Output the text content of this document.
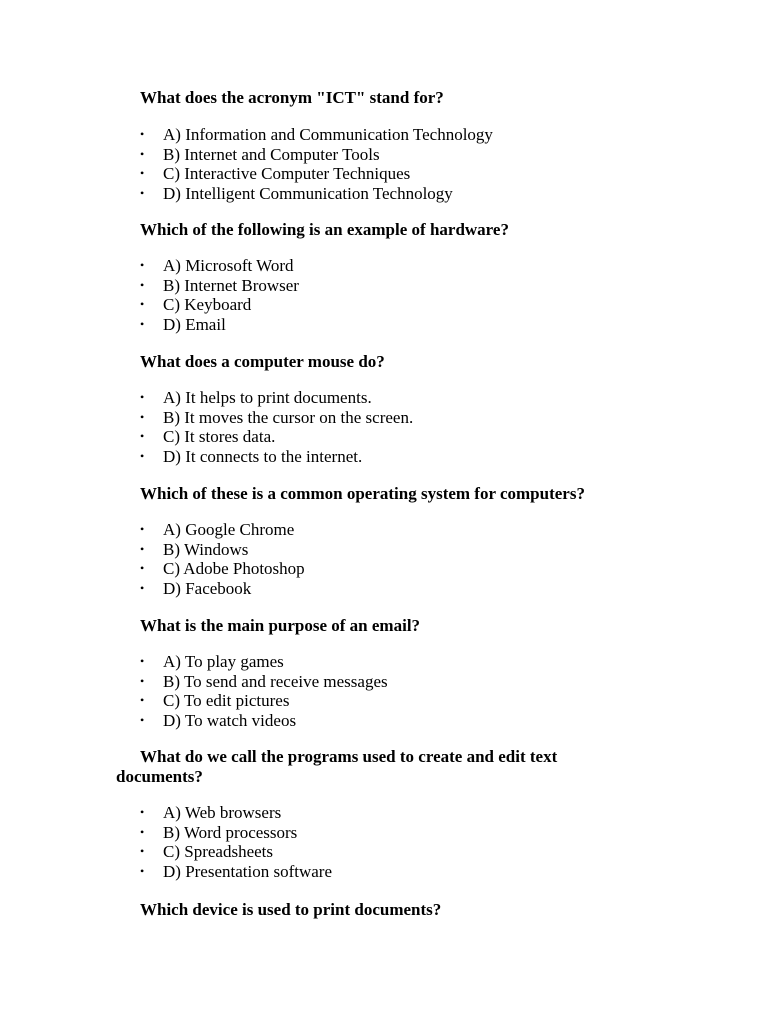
What does the acronym "ICT" stand for?

• A) Information and Communication Technology
• B) Internet and Computer Tools
• C) Interactive Computer Techniques
• D) Intelligent Communication Technology

Which of the following is an example of hardware?

• A) Microsoft Word
• B) Internet Browser
• C) Keyboard
• D) Email

What does a computer mouse do?

• A) It helps to print documents.
• B) It moves the cursor on the screen.
• C) It stores data.
• D) It connects to the internet.

Which of these is a common operating system for computers?

• A) Google Chrome
• B) Windows
• C) Adobe Photoshop
• D) Facebook

What is the main purpose of an email?

• A) To play games
• B) To send and receive messages
• C) To edit pictures
• D) To watch videos

What do we call the programs used to create and edit text documents?

• A) Web browsers
• B) Word processors
• C) Spreadsheets
• D) Presentation software

Which device is used to print documents?
